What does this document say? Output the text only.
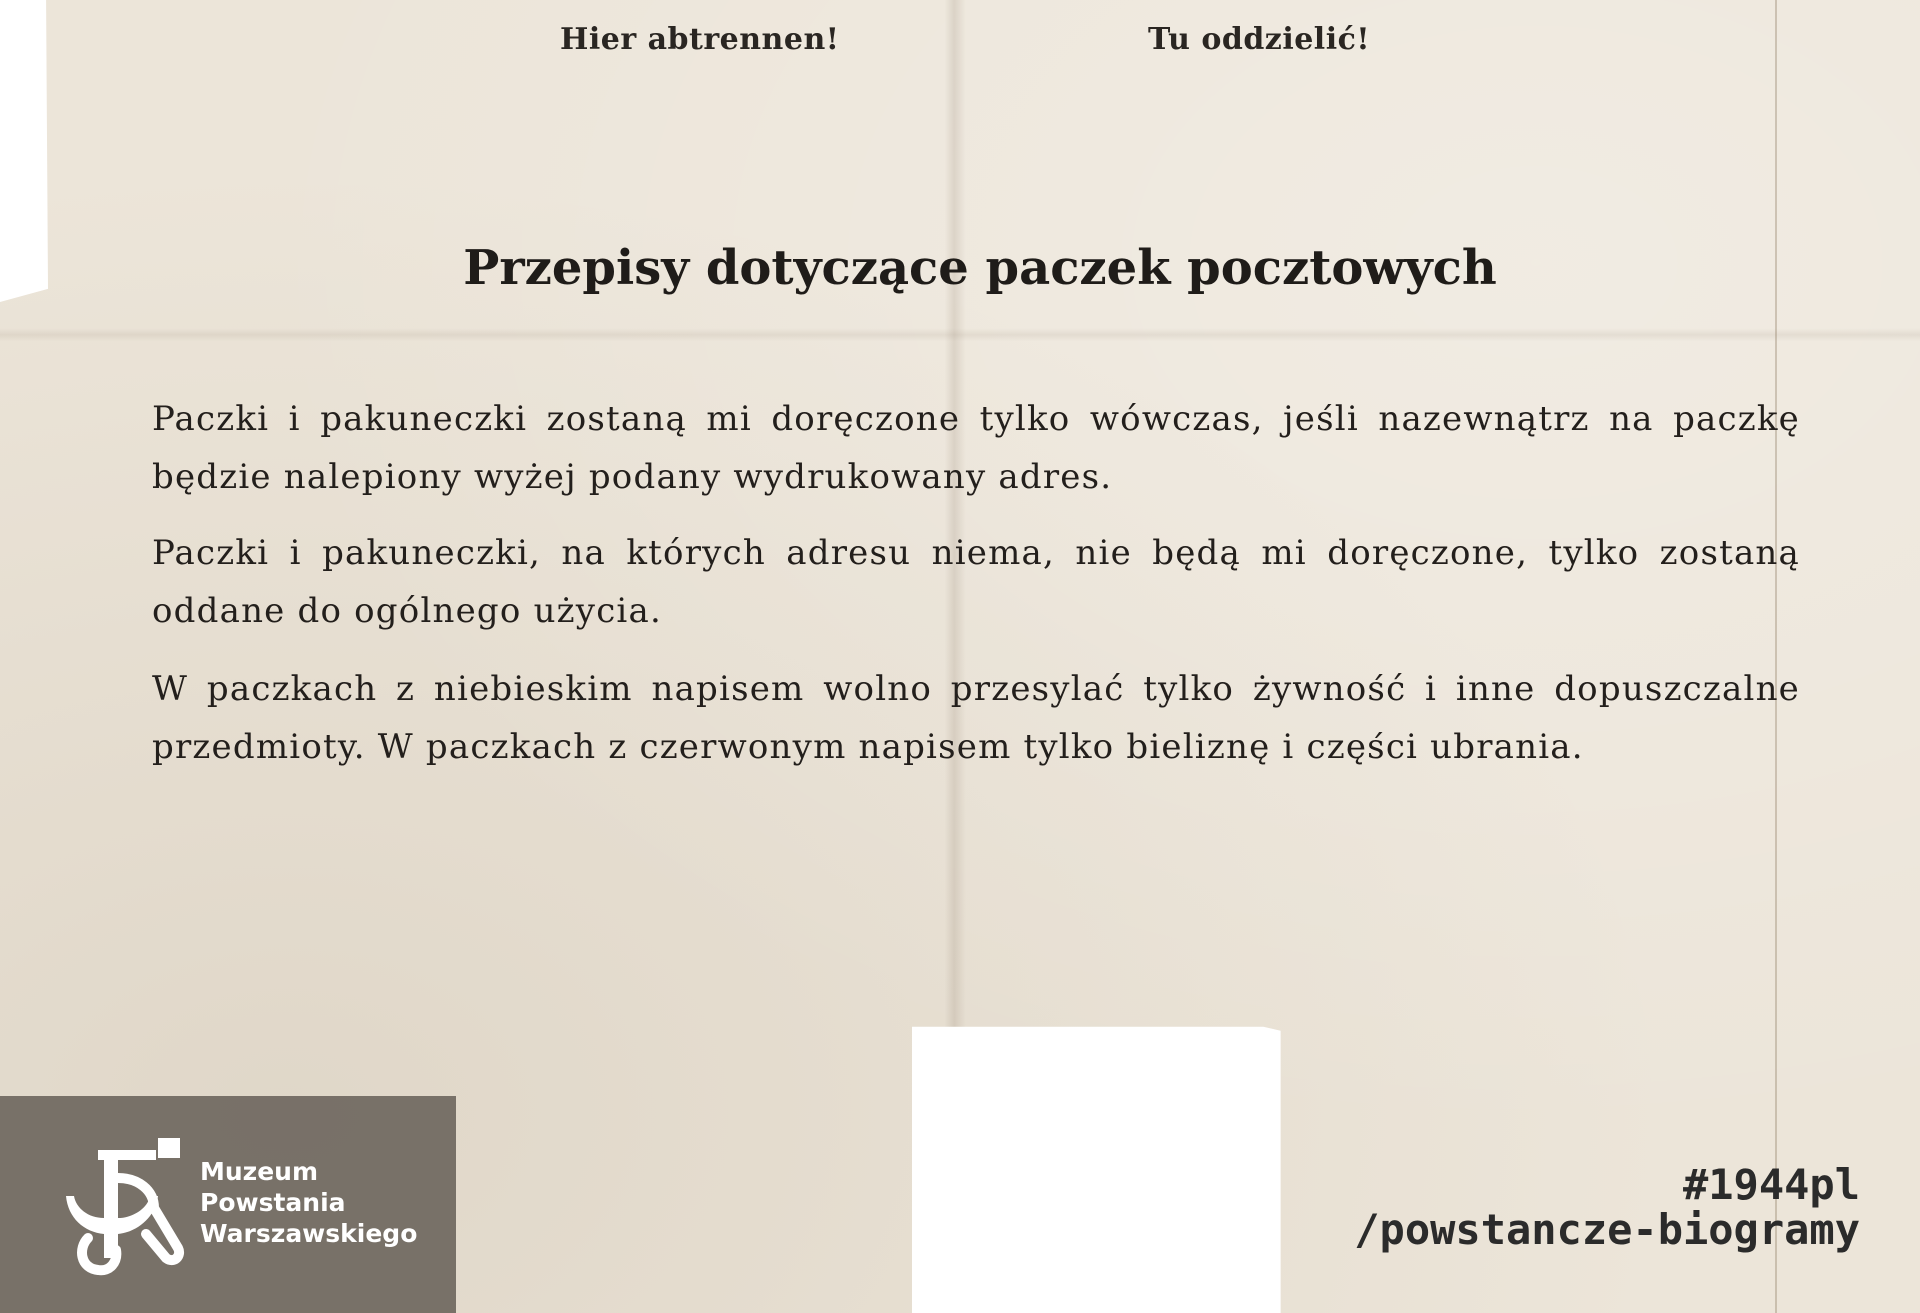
Hier abtrennen!	Tu oddzielić!
Przepisy dotyczące paczek pocztowych

Paczki i pakuneczki zostaną mi doręczone tylko wówczas, jeśli nazewnątrz na paczkę będzie nalepiony wyżej podany wydrukowany adres.

Paczki i pakuneczki, na których adresu niema, nie będą mi doręczone, tylko zostaną oddane do ogólnego użycia.

W paczkach z niebieskim napisem wolno przesylać tylko żywność i inne dopuszczalne przedmioty. W paczkach z czerwonym napisem tylko bieliznę i części ubrania.

Muzeum
Powstania
Warszawskiego
#1944pl
/powstancze-biogramy
